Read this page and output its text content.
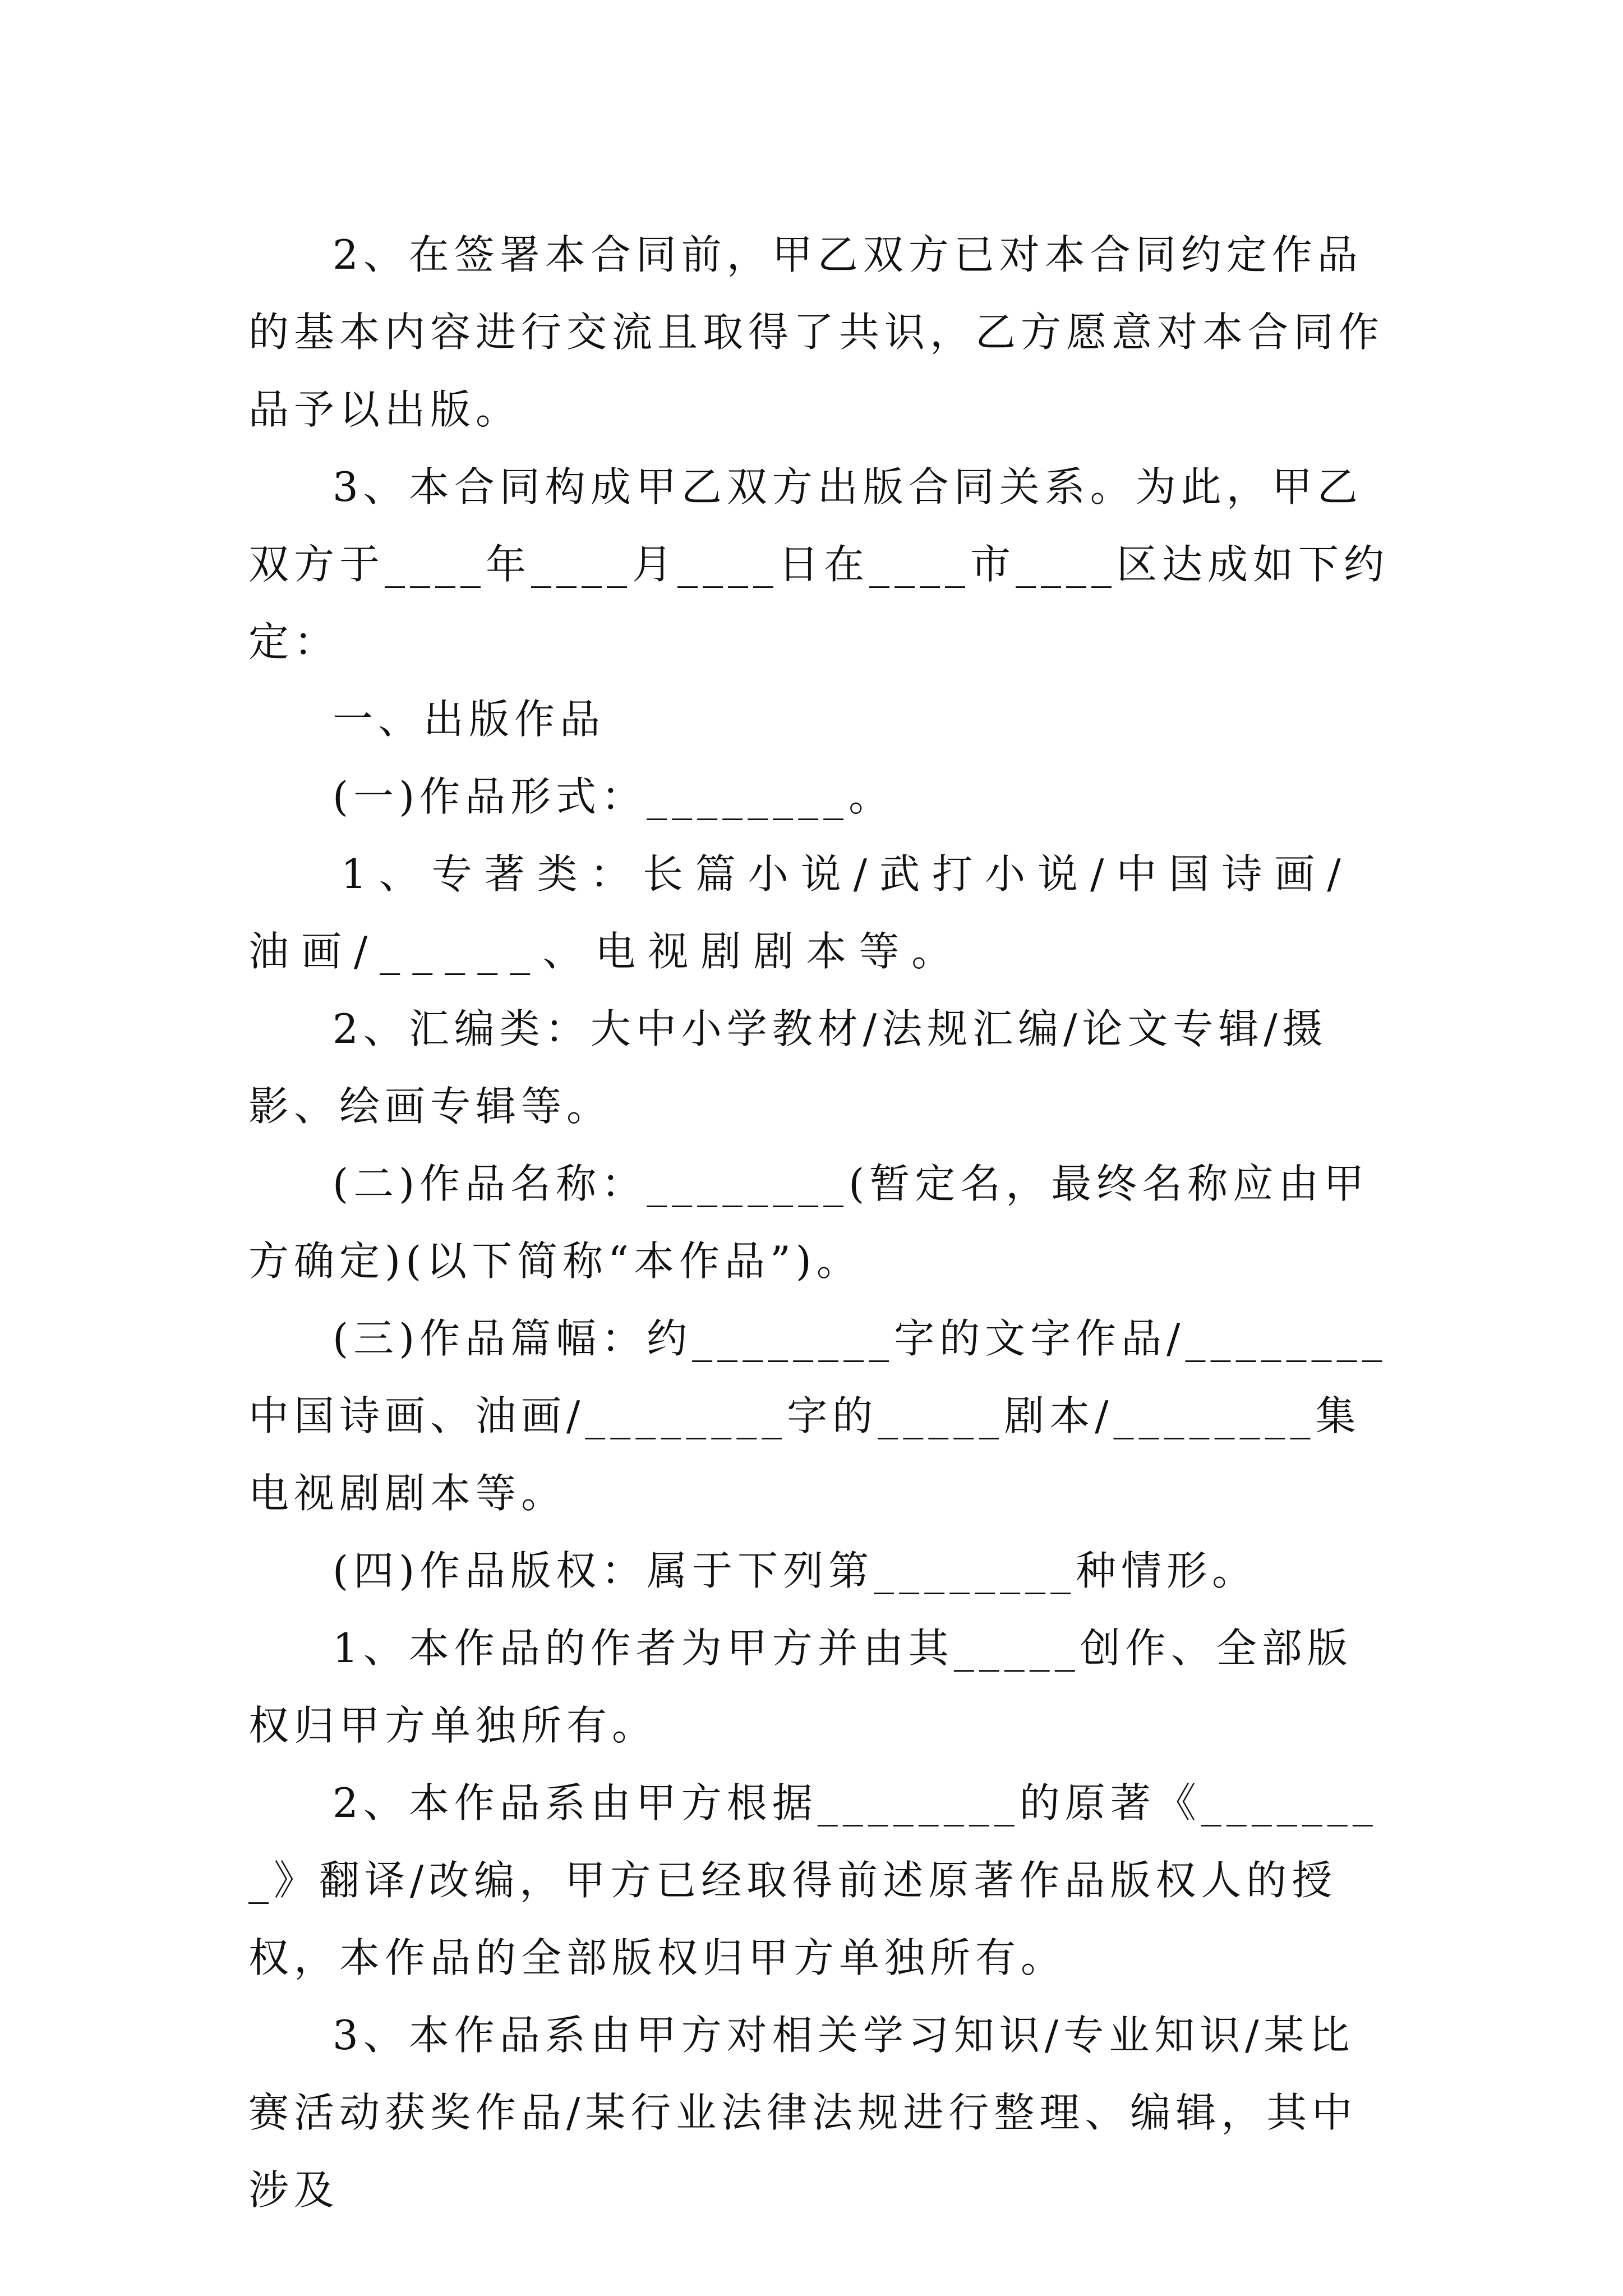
2、在签署本合同前，甲乙双方已对本合同约定作品的基本内容进行交流且取得了共识，乙方愿意对本合同作品予以出版。

3、本合同构成甲乙双方出版合同关系。为此，甲乙双方于____年____月____日在____市____区达成如下约定：

一、出版作品

(一)作品形式：________。

1、专著类：长篇小说/武打小说/中国诗画/油画/_____、电视剧剧本等。

2、汇编类：大中小学教材/法规汇编/论文专辑/摄影、绘画专辑等。

(二)作品名称：________(暂定名，最终名称应由甲方确定)(以下简称“本作品”)。

(三)作品篇幅：约________字的文字作品/________中国诗画、油画/________字的_____剧本/________集电视剧剧本等。

(四)作品版权：属于下列第________种情形。

1、本作品的作者为甲方并由其_____创作、全部版权归甲方单独所有。

2、本作品系由甲方根据________的原著《________》翻译/改编，甲方已经取得前述原著作品版权人的授权，本作品的全部版权归甲方单独所有。

3、本作品系由甲方对相关学习知识/专业知识/某比赛活动获奖作品/某行业法律法规进行整理、编辑，其中涉及
